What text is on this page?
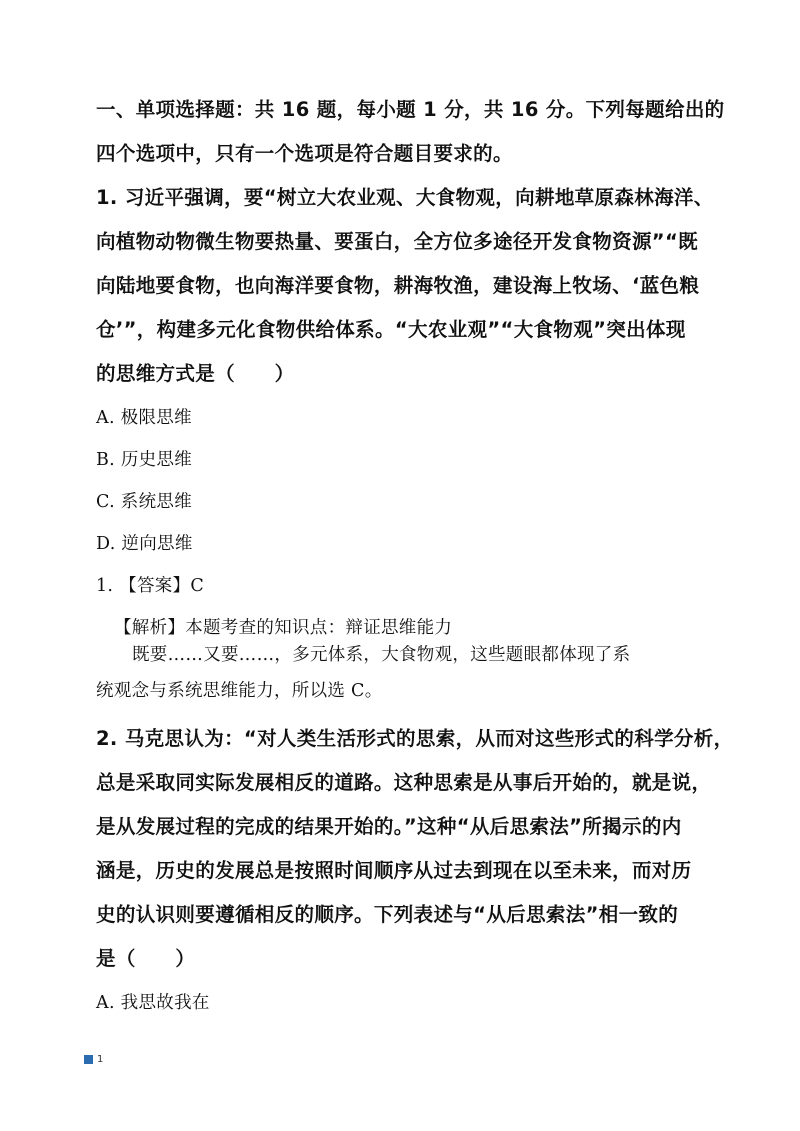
一、单项选择题：共 16 题，每小题 1 分，共 16 分。下列每题给出的
四个选项中，只有一个选项是符合题目要求的。
1. 习近平强调，要“树立大农业观、大食物观，向耕地草原森林海洋、
向植物动物微生物要热量、要蛋白，全方位多途径开发食物资源”“既
向陆地要食物，也向海洋要食物，耕海牧渔，建设海上牧场、‘蓝色粮
仓’”，构建多元化食物供给体系。“大农业观”“大食物观”突出体现
的思维方式是（　　）
A. 极限思维
B. 历史思维
C. 系统思维
D. 逆向思维
1. 【答案】C
【解析】本题考查的知识点：辩证思维能力
既要……又要……，多元体系，大食物观，这些题眼都体现了系
统观念与系统思维能力，所以选 C。
2. 马克思认为：“对人类生活形式的思索，从而对这些形式的科学分析，
总是采取同实际发展相反的道路。这种思索是从事后开始的，就是说，
是从发展过程的完成的结果开始的。”这种“从后思索法”所揭示的内
涵是，历史的发展总是按照时间顺序从过去到现在以至未来，而对历
史的认识则要遵循相反的顺序。下列表述与“从后思索法”相一致的
是（　　）
A. 我思故我在
1
